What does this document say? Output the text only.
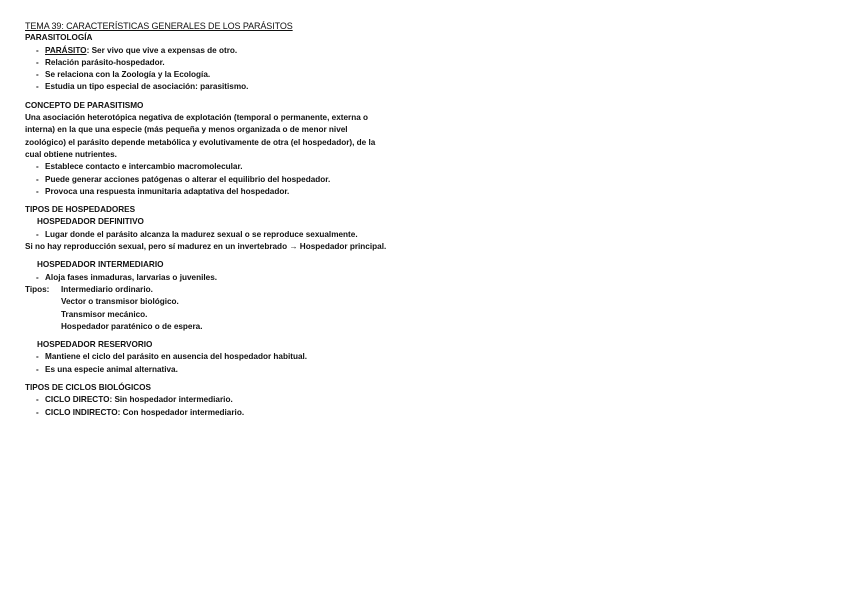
TEMA 39: CARACTERÍSTICAS GENERALES DE LOS PARÁSITOS
PARASITOLOGÍA
- PARÁSITO: Ser vivo que vive a expensas de otro.
- Relación parásito-hospedador.
- Se relaciona con la Zoología y la Ecología.
- Estudia un tipo especial de asociación: parasitismo.
CONCEPTO DE PARASITISMO
Una asociación heterotópica negativa de explotación (temporal o permanente, externa o
interna) en la que una especie (más pequeña y menos organizada o de menor nivel
zoológico) el parásito depende metabólica y evolutivamente de otra (el hospedador), de la
cual obtiene nutrientes.
- Establece contacto e intercambio macromolecular.
- Puede generar acciones patógenas o alterar el equilibrio del hospedador.
- Provoca una respuesta inmunitaria adaptativa del hospedador.
TIPOS DE HOSPEDADORES
HOSPEDADOR DEFINITIVO
- Lugar donde el parásito alcanza la madurez sexual o se reproduce sexualmente.
Si no hay reproducción sexual, pero sí madurez en un invertebrado → Hospedador principal.
HOSPEDADOR INTERMEDIARIO
- Aloja fases inmaduras, larvarias o juveniles.
Tipos:	Intermediario ordinario.
Vector o transmisor biológico.
Transmisor mecánico.
Hospedador paraténico o de espera.
HOSPEDADOR RESERVORIO
- Mantiene el ciclo del parásito en ausencia del hospedador habitual.
- Es una especie animal alternativa.
TIPOS DE CICLOS BIOLÓGICOS
- CICLO DIRECTO: Sin hospedador intermediario.
- CICLO INDIRECTO: Con hospedador intermediario.
